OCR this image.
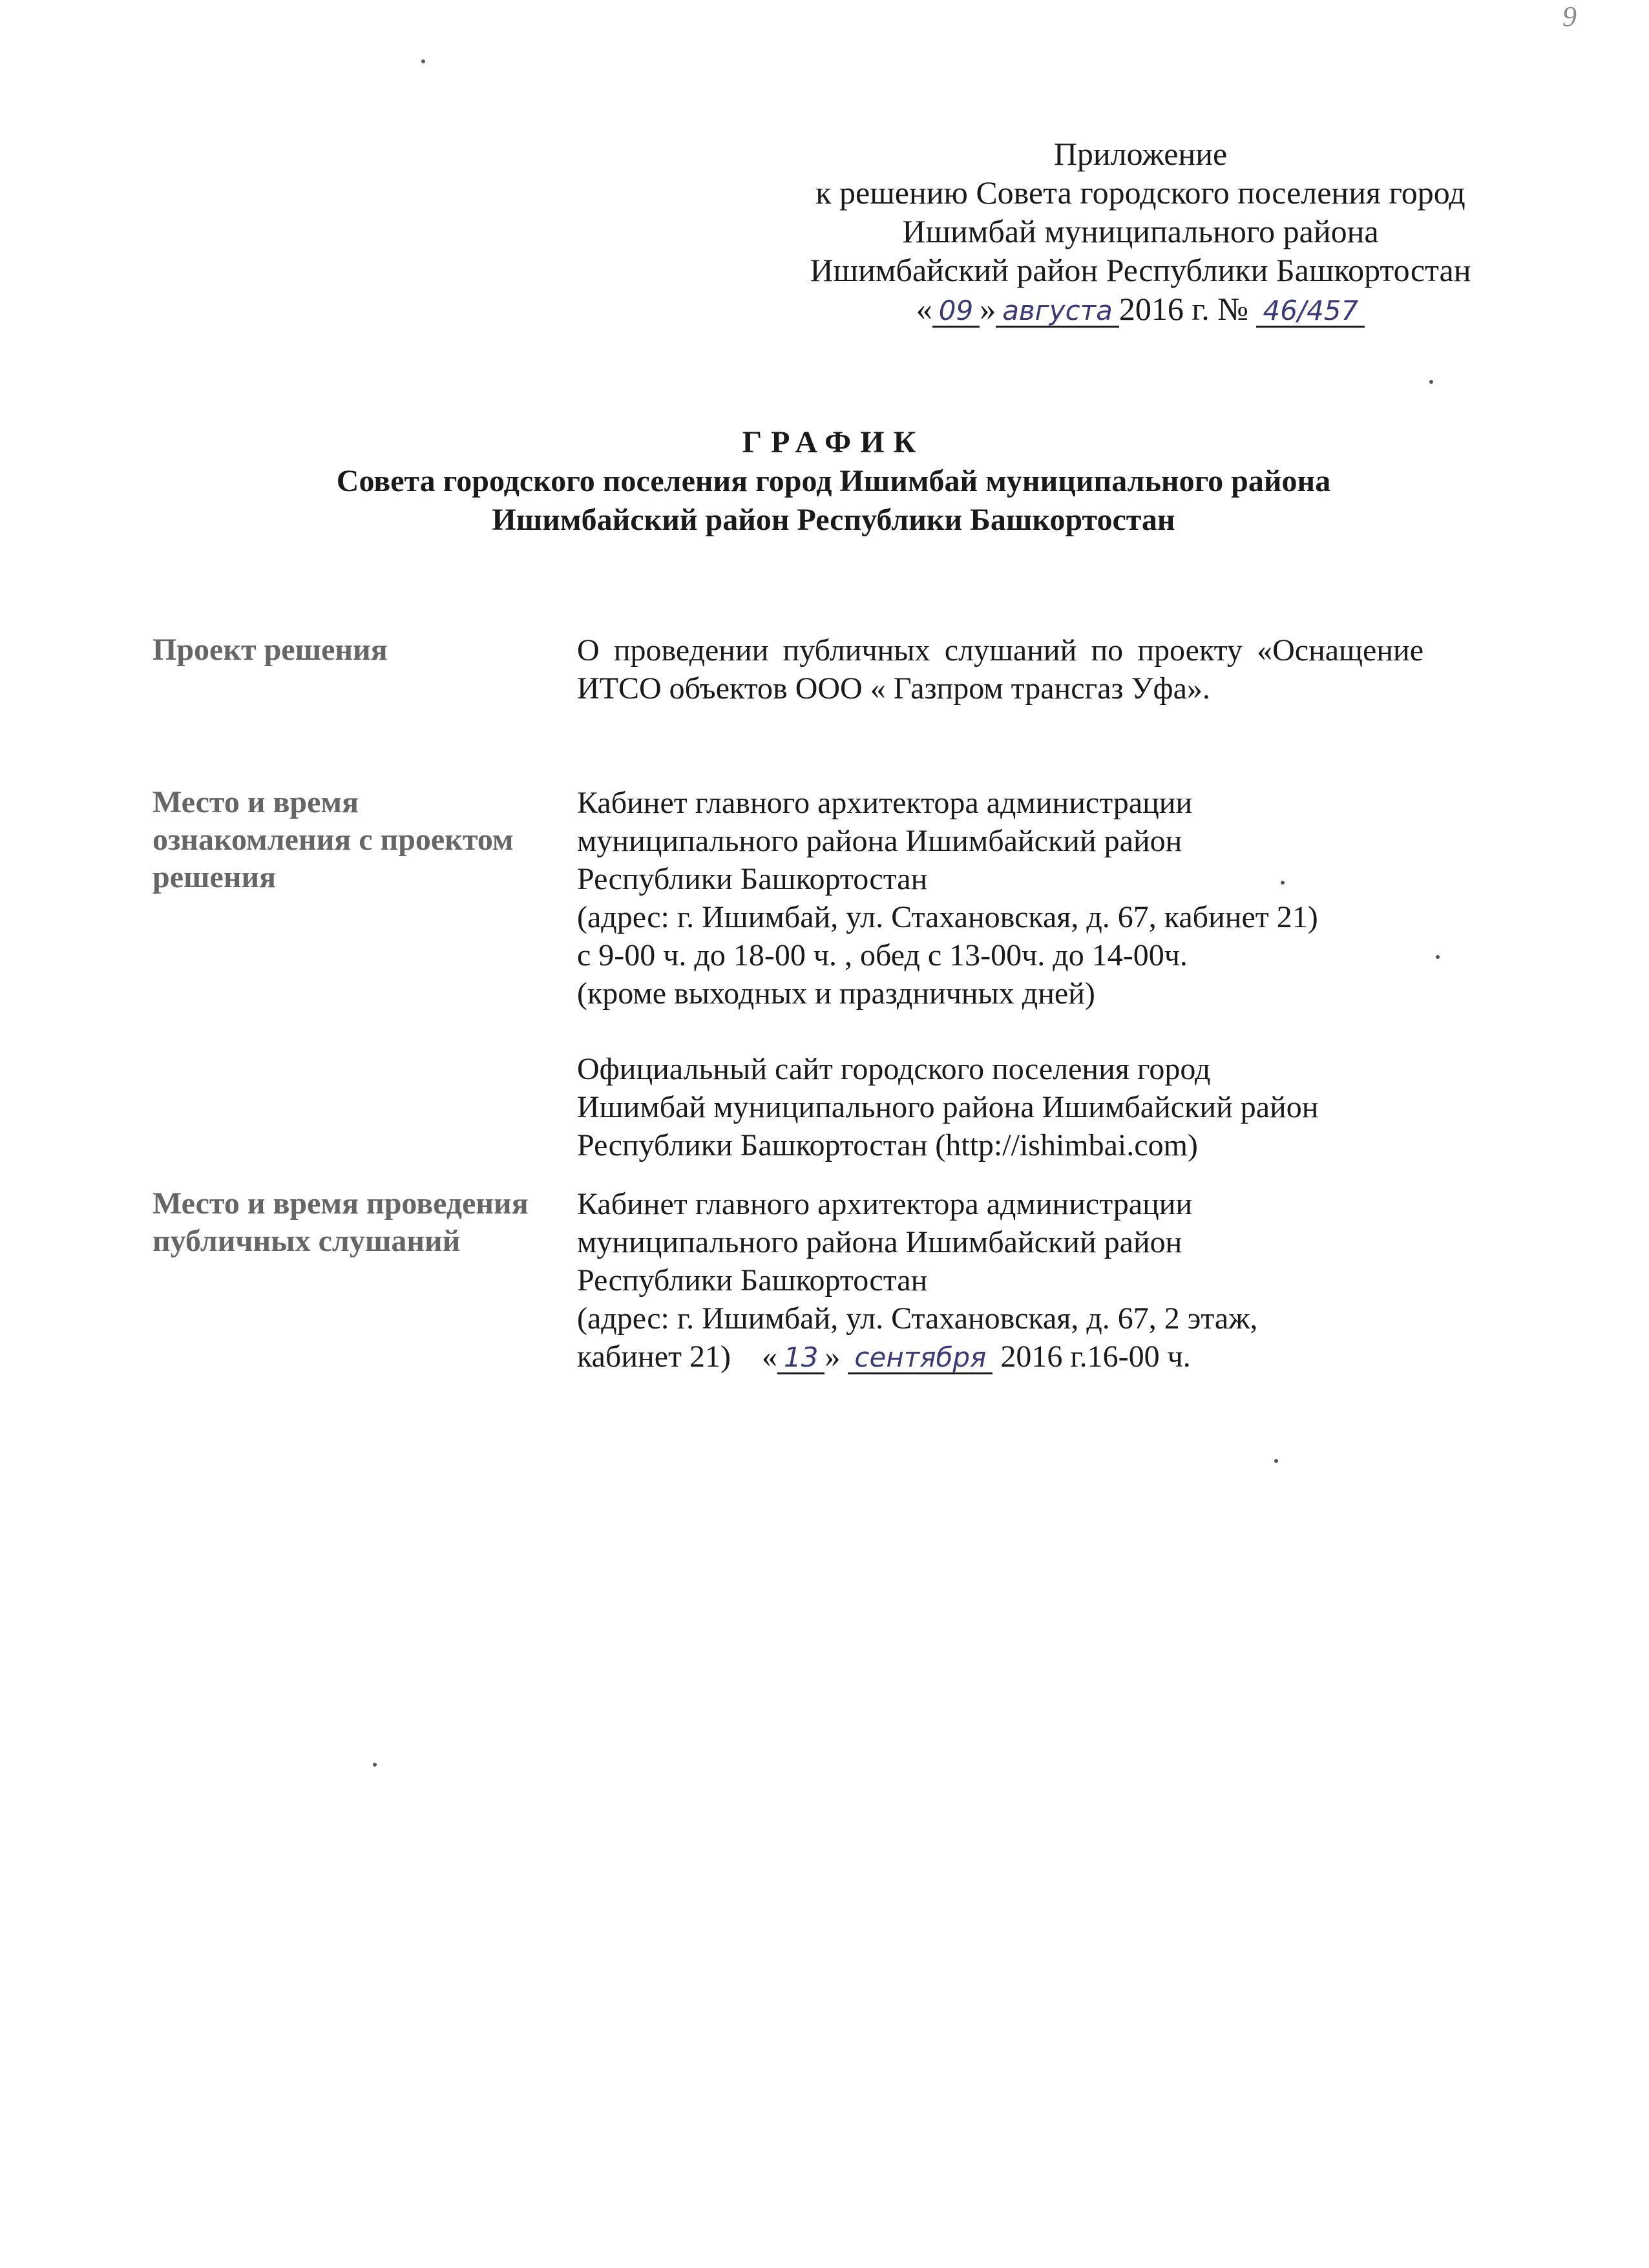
9
Приложение
к решению Совета городского поселения город
Ишимбай муниципального района
Ишимбайский район Республики Башкортостан
« 09 » августа 2016 г. № 46/457
ГРАФИК
Совета городского поселения город Ишимбай муниципального района
Ишимбайский район Республики Башкортостан
Проект решения	О проведении публичных слушаний по проекту «Оснащение ИТСО объектов ООО « Газпром трансгаз Уфа».
Место и время ознакомления с проектом решения
Кабинет главного архитектора администрации
муниципального района Ишимбайский район
Республики Башкортостан
(адрес: г. Ишимбай, ул. Стахановская, д. 67, кабинет 21)
с 9-00 ч. до 18-00 ч. , обед с 13-00ч. до 14-00ч.
(кроме выходных и праздничных дней)
Официальный сайт городского поселения город
Ишимбай муниципального района Ишимбайский район
Республики Башкортостан (http://ishimbai.com)
Место и время проведения публичных слушаний
Кабинет главного архитектора администрации
муниципального района Ишимбайский район
Республики Башкортостан
(адрес: г. Ишимбай, ул. Стахановская, д. 67, 2 этаж,
кабинет 21) « 13 » сентября 2016 г.16-00 ч.
